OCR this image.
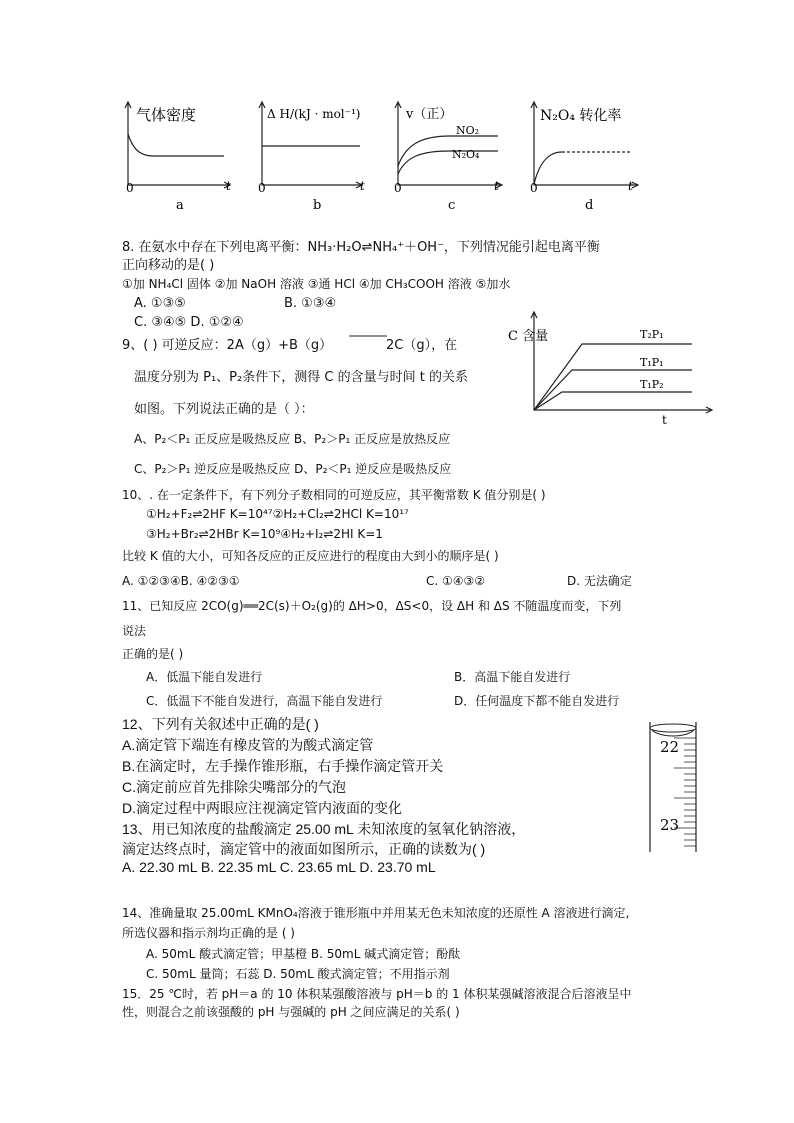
气体密度
0	t
a
Δ H/(kJ · mol⁻¹)
0	t
b
v（正）
NO₂
N₂O₄
0	t
c
N₂O₄ 转化率
0	t
d
8. 在氨水中存在下列电离平衡：NH₃·H₂O⇌NH₄⁺＋OH⁻，下列情况能引起电离平衡
正向移动的是( )
①加 NH₄Cl 固体 ②加 NaOH 溶液 ③通 HCl ④加 CH₃COOH 溶液 ⑤加水
A. ①③⑤	B. ①③④
C. ③④⑤ D. ①②④
9、( ) 可逆反应：2A（g）+B（g）	2C（g），在
温度分别为 P₁、P₂条件下，测得 C 的含量与时间 t 的关系
如图。下列说法正确的是（ ）：
A、P₂＜P₁ 正反应是吸热反应 B、P₂＞P₁ 正反应是放热反应
C、P₂＞P₁ 逆反应是吸热反应 D、P₂＜P₁ 逆反应是吸热反应
C 含量	T₂P₁
T₁P₁
T₁P₂
t
10、. 在一定条件下，有下列分子数相同的可逆反应，其平衡常数 K 值分别是( )
①H₂+F₂⇌2HF K=10⁴⁷②H₂+Cl₂⇌2HCl K=10¹⁷
③H₂+Br₂⇌2HBr K=10⁹④H₂+I₂⇌2HI K=1
比较 K 值的大小，可知各反应的正反应进行的程度由大到小的顺序是( )
A. ①②③④B. ④②③①	C. ①④③②	D. 无法确定
11、已知反应 2CO(g)══2C(s)＋O₂(g)的 ΔH>0，ΔS<0，设 ΔH 和 ΔS 不随温度而变，下列
说法
正确的是( )
A．低温下能自发进行	B．高温下能自发进行
C．低温下不能自发进行，高温下能自发进行	D．任何温度下都不能自发进行
12、下列有关叙述中正确的是( )
A.滴定管下端连有橡皮管的为酸式滴定管
B.在滴定时，左手操作锥形瓶，右手操作滴定管开关
C.滴定前应首先排除尖嘴部分的气泡
D.滴定过程中两眼应注视滴定管内液面的变化
22
23
13、用已知浓度的盐酸滴定 25.00 mL 未知浓度的氢氧化钠溶液，
滴定达终点时，滴定管中的液面如图所示，正确的读数为( )
A. 22.30 mL B. 22.35 mL C. 23.65 mL D. 23.70 mL
14、准确量取 25.00mL KMnO₄溶液于锥形瓶中并用某无色未知浓度的还原性 A 溶液进行滴定,
所选仪器和指示剂均正确的是 ( )
A. 50mL 酸式滴定管；甲基橙 B. 50mL 碱式滴定管；酚酞
C. 50mL 量筒；石蕊 D. 50mL 酸式滴定管；不用指示剂
15．25 ℃时，若 pH＝a 的 10 体积某强酸溶液与 pH＝b 的 1 体积某强碱溶液混合后溶液呈中
性，则混合之前该强酸的 pH 与强碱的 pH 之间应满足的关系( )
